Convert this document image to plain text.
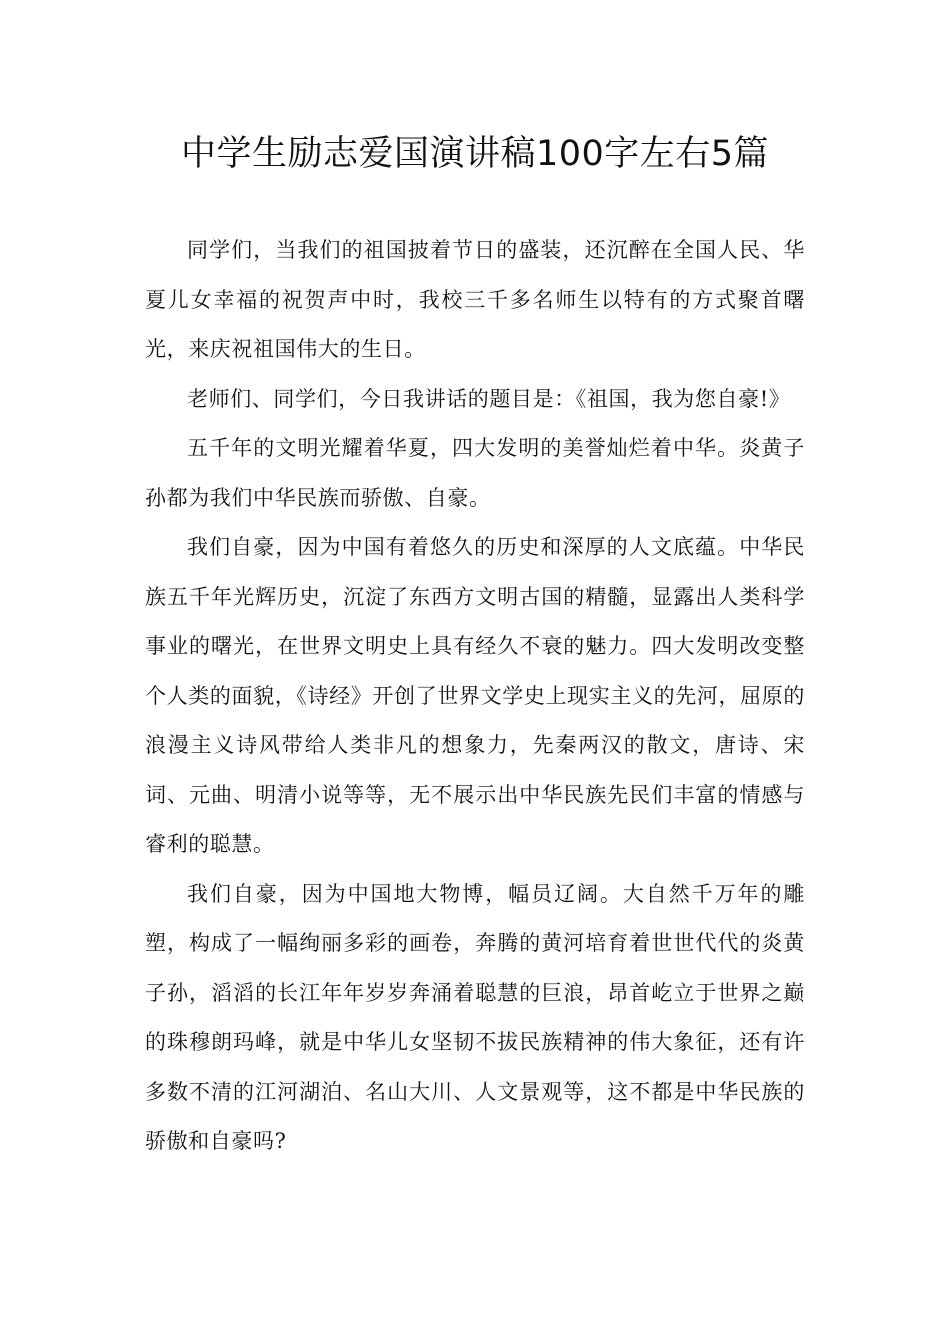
中学生励志爱国演讲稿100字左右5篇

同学们，当我们的祖国披着节日的盛装，还沉醉在全国人民、华夏儿女幸福的祝贺声中时，我校三千多名师生以特有的方式聚首曙光，来庆祝祖国伟大的生日。

老师们、同学们，今日我讲话的题目是：《祖国，我为您自豪!》

五千年的文明光耀着华夏，四大发明的美誉灿烂着中华。炎黄子孙都为我们中华民族而骄傲、自豪。

我们自豪，因为中国有着悠久的历史和深厚的人文底蕴。中华民族五千年光辉历史，沉淀了东西方文明古国的精髓，显露出人类科学事业的曙光，在世界文明史上具有经久不衰的魅力。四大发明改变整个人类的面貌，《诗经》开创了世界文学史上现实主义的先河，屈原的浪漫主义诗风带给人类非凡的想象力，先秦两汉的散文，唐诗、宋词、元曲、明清小说等等，无不展示出中华民族先民们丰富的情感与睿利的聪慧。

我们自豪，因为中国地大物博，幅员辽阔。大自然千万年的雕塑，构成了一幅绚丽多彩的画卷，奔腾的黄河培育着世世代代的炎黄子孙，滔滔的长江年年岁岁奔涌着聪慧的巨浪，昂首屹立于世界之巅的珠穆朗玛峰，就是中华儿女坚韧不拔民族精神的伟大象征，还有许多数不清的江河湖泊、名山大川、人文景观等，这不都是中华民族的骄傲和自豪吗?
